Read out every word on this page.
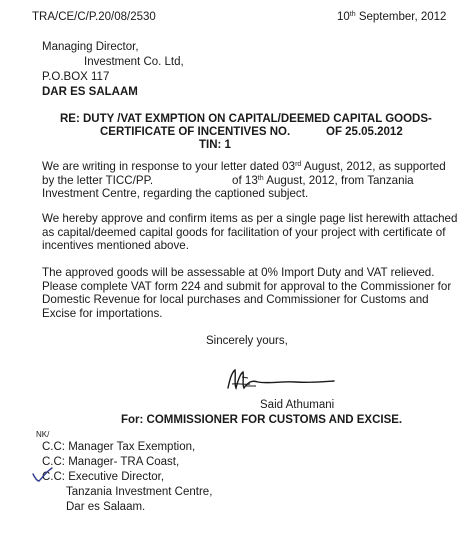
TRA/CE/C/P.20/08/2530	10th September, 2012
Managing Director,
Investment Co. Ltd,
P.O.BOX 117
DAR ES SALAAM
RE: DUTY /VAT EXMPTION ON CAPITAL/DEEMED CAPITAL GOODS-
CERTIFICATE OF INCENTIVES NO.	OF 25.05.2012
TIN: 1
We are writing in response to your letter dated 03rd August, 2012, as supported
by the letter TICC/PP.	of 13th August, 2012, from Tanzania
Investment Centre, regarding the captioned subject.
We hereby approve and confirm items as per a single page list herewith attached
as capital/deemed capital goods for facilitation of your project with certificate of
incentives mentioned above.
The approved goods will be assessable at 0% Import Duty and VAT relieved.
Please complete VAT form 224 and submit for approval to the Commissioner for
Domestic Revenue for local purchases and Commissioner for Customs and
Excise for importations.
Sincerely yours,
Said Athumani
For: COMMISSIONER FOR CUSTOMS AND EXCISE.
NK/
C.C: Manager Tax Exemption,
C.C: Manager- TRA Coast,
C.C: Executive Director,
Tanzania Investment Centre,
Dar es Salaam.
